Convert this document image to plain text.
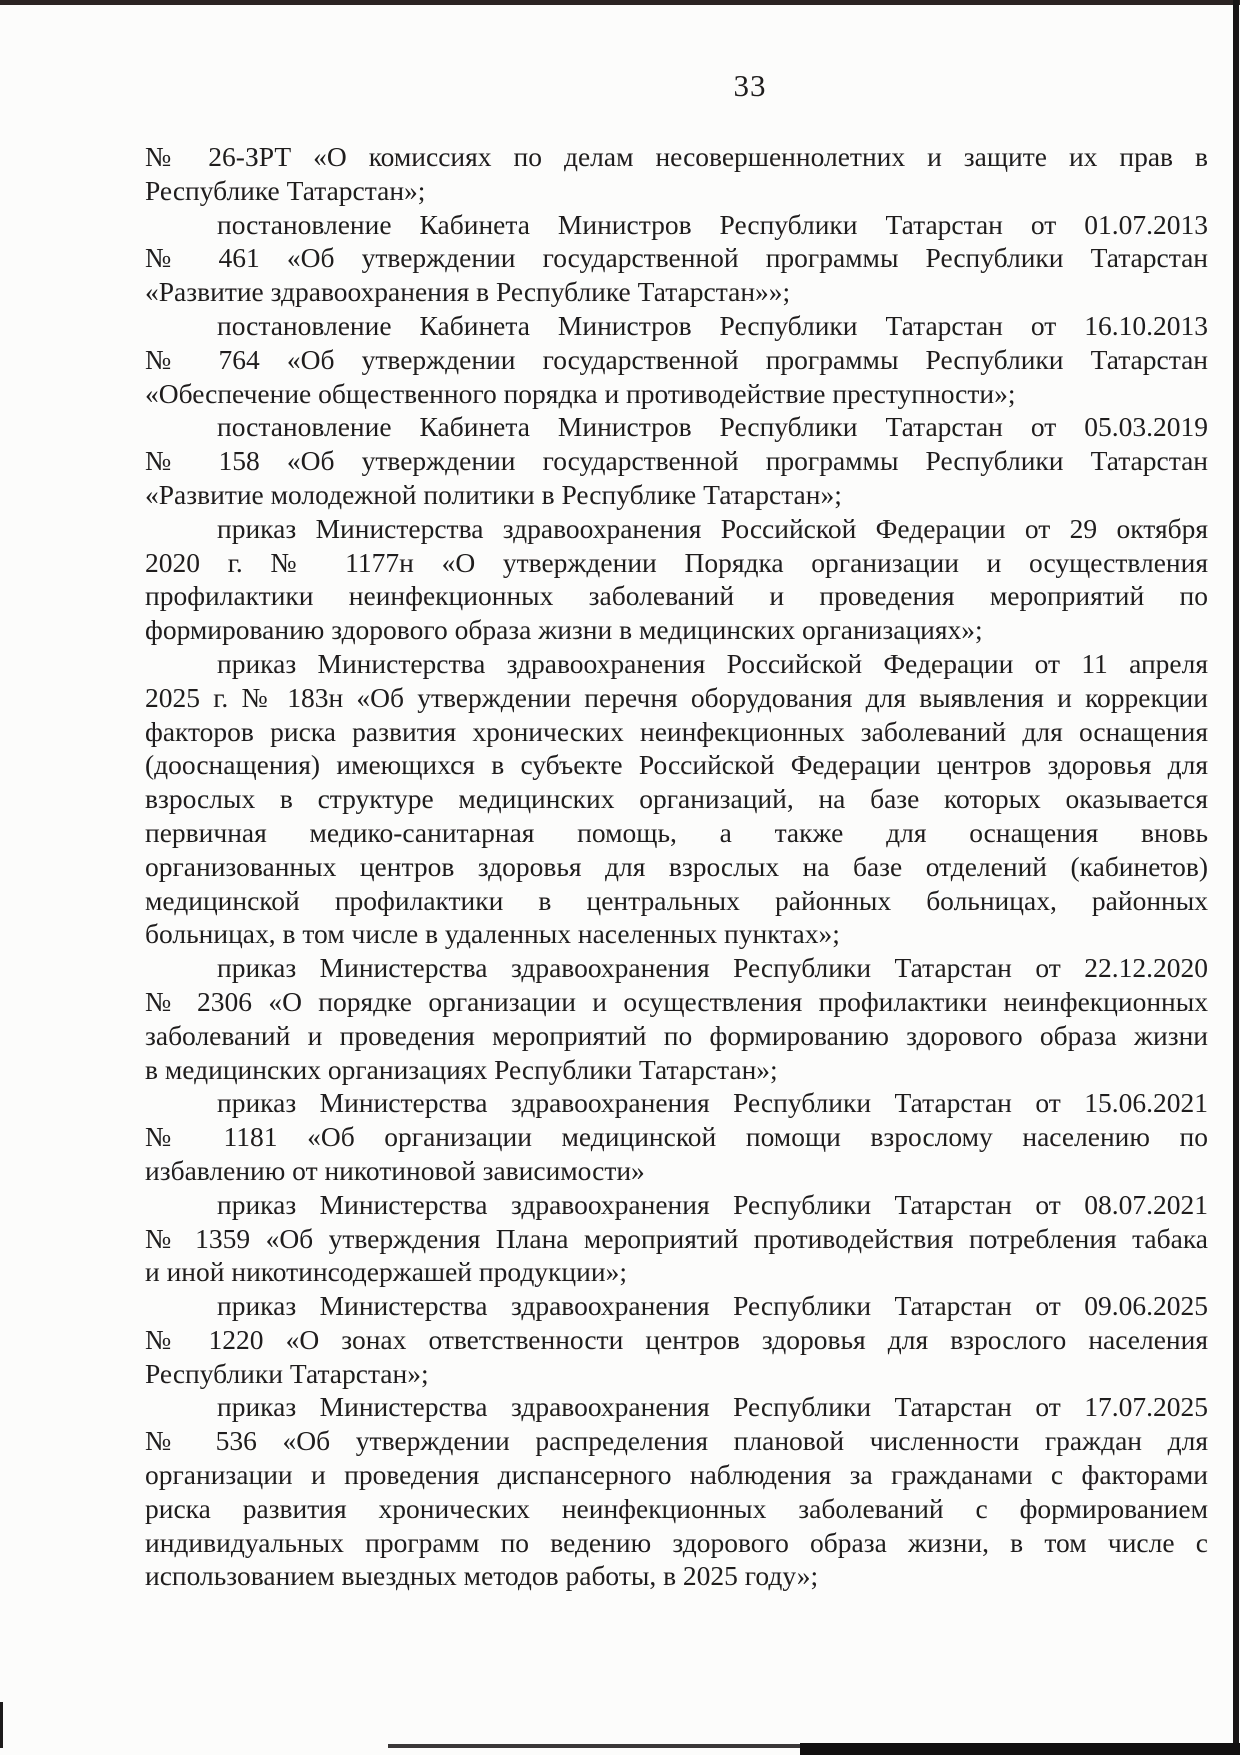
33
№ 26-ЗРТ «О комиссиях по делам несовершеннолетних и защите их прав в
Республике Татарстан»;
постановление Кабинета Министров Республики Татарстан от 01.07.2013
№ 461 «Об утверждении государственной программы Республики Татарстан
«Развитие здравоохранения в Республике Татарстан»»;
постановление Кабинета Министров Республики Татарстан от 16.10.2013
№ 764 «Об утверждении государственной программы Республики Татарстан
«Обеспечение общественного порядка и противодействие преступности»;
постановление Кабинета Министров Республики Татарстан от 05.03.2019
№ 158 «Об утверждении государственной программы Республики Татарстан
«Развитие молодежной политики в Республике Татарстан»;
приказ Министерства здравоохранения Российской Федерации от 29 октября
2020 г. № 1177н «О утверждении Порядка организации и осуществления
профилактики неинфекционных заболеваний и проведения мероприятий по
формированию здорового образа жизни в медицинских организациях»;
приказ Министерства здравоохранения Российской Федерации от 11 апреля
2025 г. № 183н «Об утверждении перечня оборудования для выявления и коррекции
факторов риска развития хронических неинфекционных заболеваний для оснащения
(дооснащения) имеющихся в субъекте Российской Федерации центров здоровья для
взрослых в структуре медицинских организаций, на базе которых оказывается
первичная медико-санитарная помощь, а также для оснащения вновь
организованных центров здоровья для взрослых на базе отделений (кабинетов)
медицинской профилактики в центральных районных больницах, районных
больницах, в том числе в удаленных населенных пунктах»;
приказ Министерства здравоохранения Республики Татарстан от 22.12.2020
№ 2306 «О порядке организации и осуществления профилактики неинфекционных
заболеваний и проведения мероприятий по формированию здорового образа жизни
в медицинских организациях Республики Татарстан»;
приказ Министерства здравоохранения Республики Татарстан от 15.06.2021
№ 1181 «Об организации медицинской помощи взрослому населению по
избавлению от никотиновой зависимости»
приказ Министерства здравоохранения Республики Татарстан от 08.07.2021
№ 1359 «Об утверждения Плана мероприятий противодействия потребления табака
и иной никотинсодержашей продукции»;
приказ Министерства здравоохранения Республики Татарстан от 09.06.2025
№ 1220 «О зонах ответственности центров здоровья для взрослого населения
Республики Татарстан»;
приказ Министерства здравоохранения Республики Татарстан от 17.07.2025
№ 536 «Об утверждении распределения плановой численности граждан для
организации и проведения диспансерного наблюдения за гражданами с факторами
риска развития хронических неинфекционных заболеваний с формированием
индивидуальных программ по ведению здорового образа жизни, в том числе с
использованием выездных методов работы, в 2025 году»;
